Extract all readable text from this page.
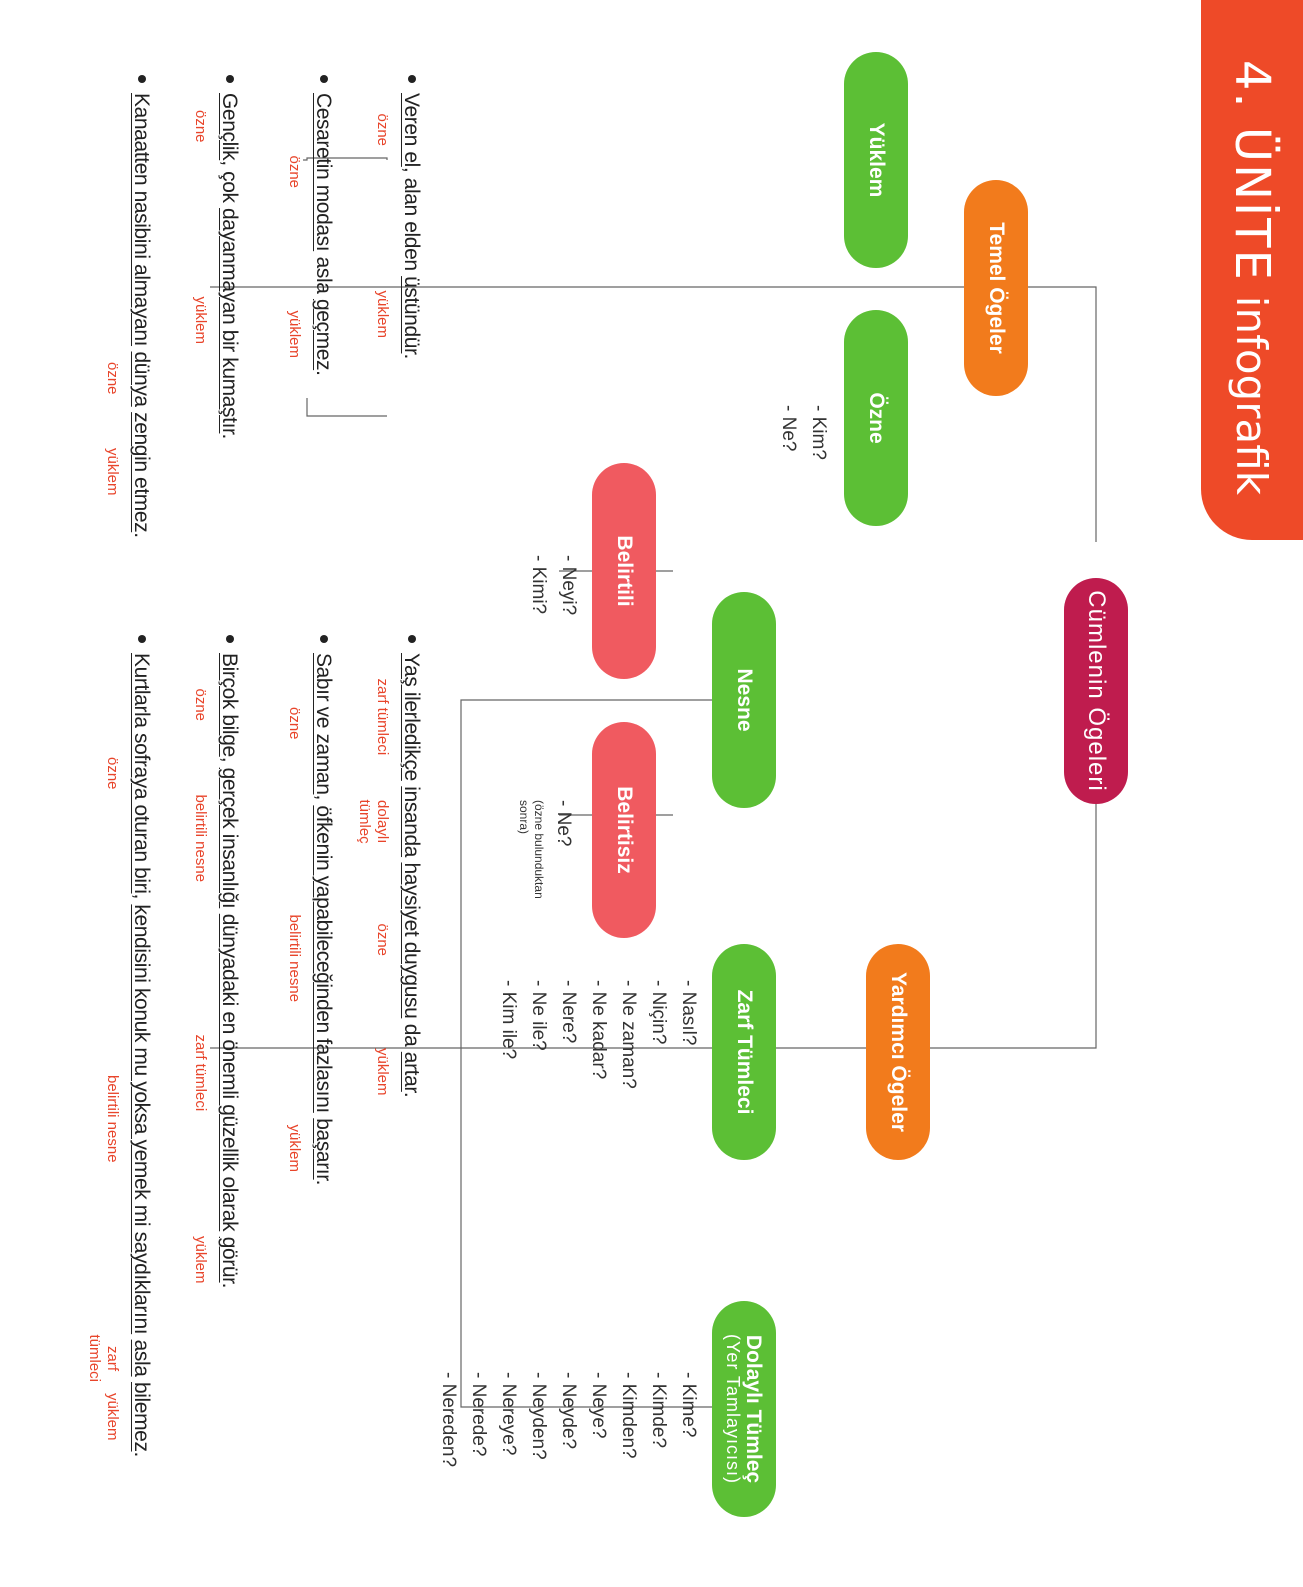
4. ÜNİTE
infografik
Cümlenin Ögeleri
Temel Ögeler
Yüklem
Özne
- Kim?
- Ne?
Nesne
Belirtili
- Neyi?
- Kimi?
Belirtisiz
- Ne?
(özne bulunduktan
sonra)
Yardımcı Ögeler
Zarf Tümleci
- Nasıl?
- Niçin?
- Ne zaman?
- Ne kadar?
- Nere?
- Ne ile?
- Kim ile?
Dolaylı Tümleç
(Yer Tamlayıcısı)
- Kime?
- Kimde?
- Kimden?
- Neye?
- Neyde?
- Neyden?
- Nereye?
- Nerede?
- Nereden?
Veren el, alan elden üstündür.
özne
yüklem
Cesaretin modası asla geçmez.
özne
yüklem
Gençlik, çok dayanmayan bir kumaştır.
özne
yüklem
Kanaatten nasibini almayanı dünya zengin etmez.
özne
yüklem
Yaş ilerledikçe insanda haysiyet duygusu da artar.
zarf tümleci
dolaylı
özne
yüklem
tümleç
Sabır ve zaman, öfkenin yapabileceğinden fazlasını başarır.
özne
belirtili nesne
yüklem
Birçok bilge, gerçek insanlığı dünyadaki en önemli güzellik olarak görür.
özne
belirtili nesne
zarf tümleci
yüklem
Kurtlarla sofraya oturan biri, kendisini konuk mu yoksa yemek mi saydıklarını asla bilemez.
özne
belirtili nesne
zarf
yüklem
tümleci
